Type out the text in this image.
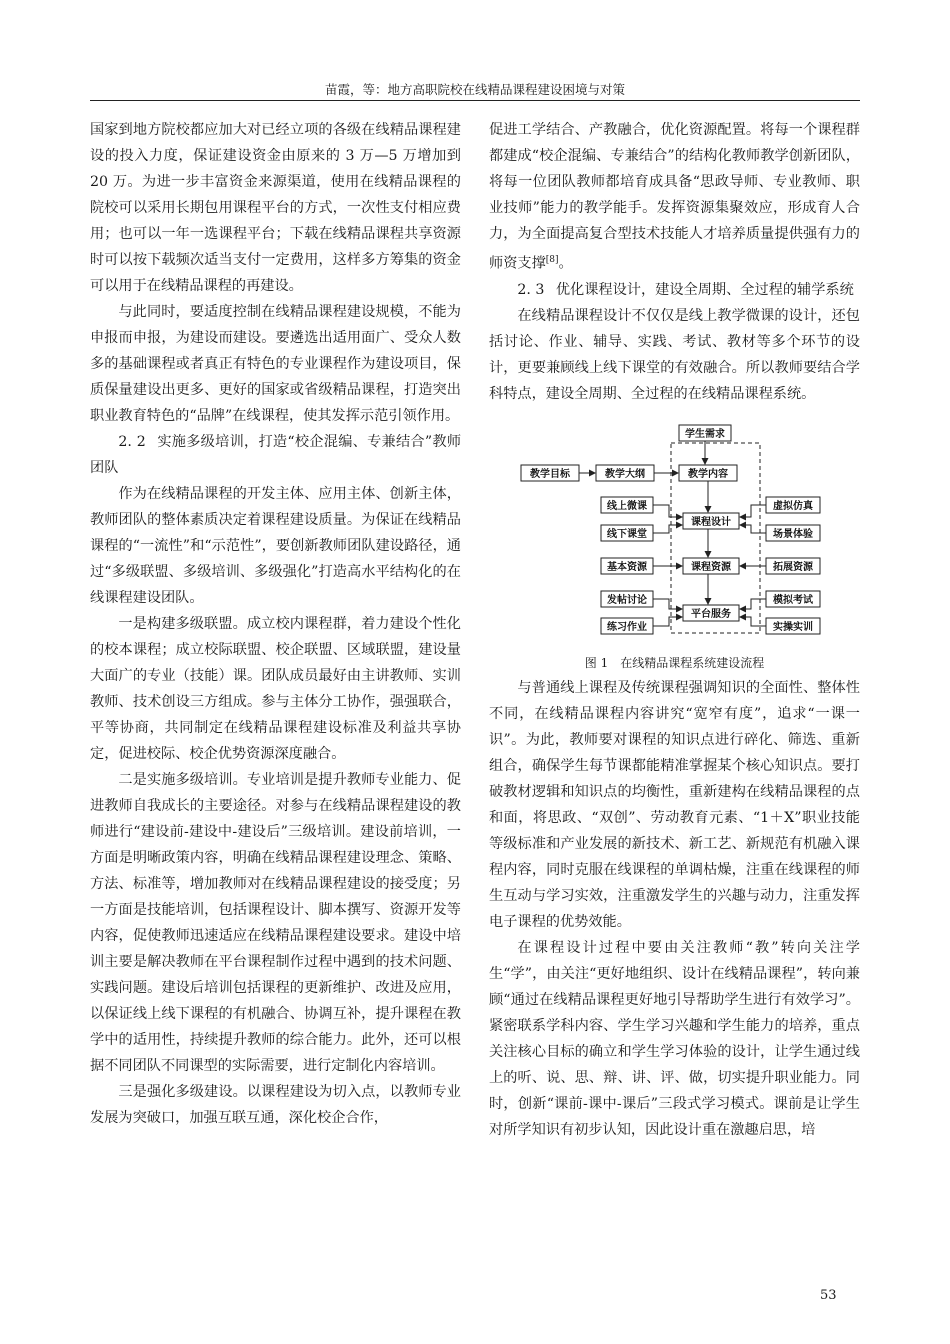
苗霞，等：地方高职院校在线精品课程建设困境与对策

国家到地方院校都应加大对已经立项的各级在线精品课程建设的投入力度，保证建设资金由原来的 3 万—5 万增加到 20 万。为进一步丰富资金来源渠道，使用在线精品课程的院校可以采用长期包用课程平台的方式，一次性支付相应费用；也可以一年一选课程平台；下载在线精品课程共享资源时可以按下载频次适当支付一定费用，这样多方筹集的资金可以用于在线精品课程的再建设。

与此同时，要适度控制在线精品课程建设规模，不能为申报而申报，为建设而建设。要遴选出适用面广、受众人数多的基础课程或者真正有特色的专业课程作为建设项目，保质保量建设出更多、更好的国家或省级精品课程，打造突出职业教育特色的“品牌”在线课程，使其发挥示范引领作用。

2. 2 实施多级培训，打造“校企混编、专兼结合”教师团队

作为在线精品课程的开发主体、应用主体、创新主体，教师团队的整体素质决定着课程建设质量。为保证在线精品课程的“一流性”和“示范性”，要创新教师团队建设路径，通过“多级联盟、多级培训、多级强化”打造高水平结构化的在线课程建设团队。

一是构建多级联盟。成立校内课程群，着力建设个性化的校本课程；成立校际联盟、校企联盟、区域联盟，建设量大面广的专业（技能）课。团队成员最好由主讲教师、实训教师、技术创设三方组成。参与主体分工协作，强强联合，平等协商，共同制定在线精品课程建设标准及利益共享协定，促进校际、校企优势资源深度融合。

二是实施多级培训。专业培训是提升教师专业能力、促进教师自我成长的主要途径。对参与在线精品课程建设的教师进行“建设前-建设中-建设后”三级培训。建设前培训，一方面是明晰政策内容，明确在线精品课程建设理念、策略、方法、标准等，增加教师对在线精品课程建设的接受度；另一方面是技能培训，包括课程设计、脚本撰写、资源开发等内容，促使教师迅速适应在线精品课程建设要求。建设中培训主要是解决教师在平台课程制作过程中遇到的技术问题、实践问题。建设后培训包括课程的更新维护、改进及应用，以保证线上线下课程的有机融合、协调互补，提升课程在教学中的适用性，持续提升教师的综合能力。此外，还可以根据不同团队不同课型的实际需要，进行定制化内容培训。

三是强化多级建设。以课程建设为切入点，以教师专业发展为突破口，加强互联互通，深化校企合作，

促进工学结合、产教融合，优化资源配置。将每一个课程群都建成“校企混编、专兼结合”的结构化教师教学创新团队，将每一位团队教师都培育成具备“思政导师、专业教师、职业技师”能力的教学能手。发挥资源集聚效应，形成育人合力，为全面提高复合型技术技能人才培养质量提供强有力的师资支撑[8]。

2. 3 优化课程设计，建设全周期、全过程的辅学系统

在线精品课程设计不仅仅是线上教学微课的设计，还包括讨论、作业、辅导、实践、考试、教材等多个环节的设计，更要兼顾线上线下课堂的有效融合。所以教师要结合学科特点，建设全周期、全过程的在线精品课程系统。

学生需求
教学目标	教学大纲	教学内容
线上微课
课程设计
虚拟仿真
线下课堂	场景体验
基本资源	课程资源	拓展资源
发帖讨论
平台服务
模拟考试
练习作业	实操实训
图 1　在线精品课程系统建设流程

与普通线上课程及传统课程强调知识的全面性、整体性不同，在线精品课程内容讲究“宽窄有度”，追求“一课一识”。为此，教师要对课程的知识点进行碎化、筛选、重新组合，确保学生每节课都能精准掌握某个核心知识点。要打破教材逻辑和知识点的均衡性，重新建构在线精品课程的点和面，将思政、“双创”、劳动教育元素、“1＋X”职业技能等级标准和产业发展的新技术、新工艺、新规范有机融入课程内容，同时克服在线课程的单调枯燥，注重在线课程的师生互动与学习实效，注重激发学生的兴趣与动力，注重发挥电子课程的优势效能。

在课程设计过程中要由关注教师“教”转向关注学生“学”，由关注“更好地组织、设计在线精品课程”，转向兼顾“通过在线精品课程更好地引导帮助学生进行有效学习”。紧密联系学科内容、学生学习兴趣和学生能力的培养，重点关注核心目标的确立和学生学习体验的设计，让学生通过线上的听、说、思、辩、讲、评、做，切实提升职业能力。同时，创新“课前-课中-课后”三段式学习模式。课前是让学生对所学知识有初步认知，因此设计重在激趣启思，培

53
